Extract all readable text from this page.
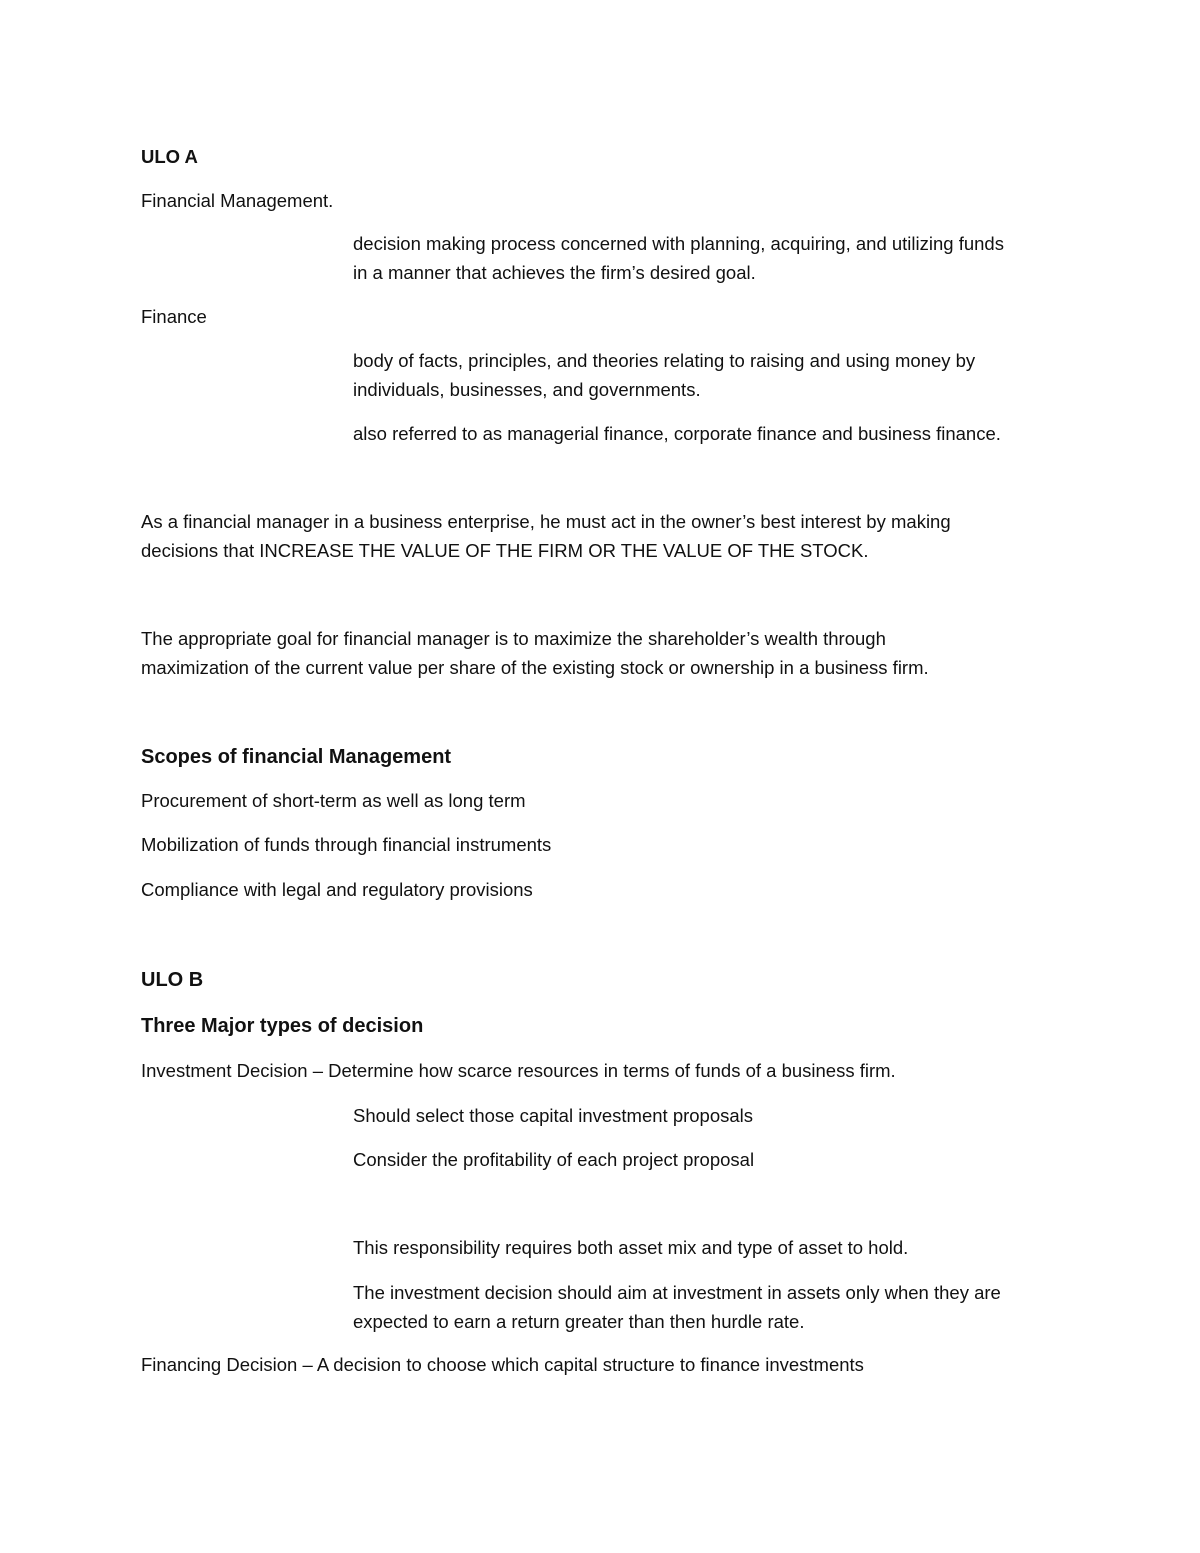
ULO A
Financial Management.
decision making process concerned with planning, acquiring, and utilizing funds
in a manner that achieves the firm’s desired goal.
Finance
body of facts, principles, and theories relating to raising and using money by
individuals, businesses, and governments.
also referred to as managerial finance, corporate finance and business finance.
As a financial manager in a business enterprise, he must act in the owner’s best interest by making
decisions that INCREASE THE VALUE OF THE FIRM OR THE VALUE OF THE STOCK.
The appropriate goal for financial manager is to maximize the shareholder’s wealth through
maximization of the current value per share of the existing stock or ownership in a business firm.
Scopes of financial Management
Procurement of short-term as well as long term
Mobilization of funds through financial instruments
Compliance with legal and regulatory provisions
ULO B
Three Major types of decision
Investment Decision – Determine how scarce resources in terms of funds of a business firm.
Should select those capital investment proposals
Consider the profitability of each project proposal
This responsibility requires both asset mix and type of asset to hold.
The investment decision should aim at investment in assets only when they are
expected to earn a return greater than then hurdle rate.
Financing Decision – A decision to choose which capital structure to finance investments
